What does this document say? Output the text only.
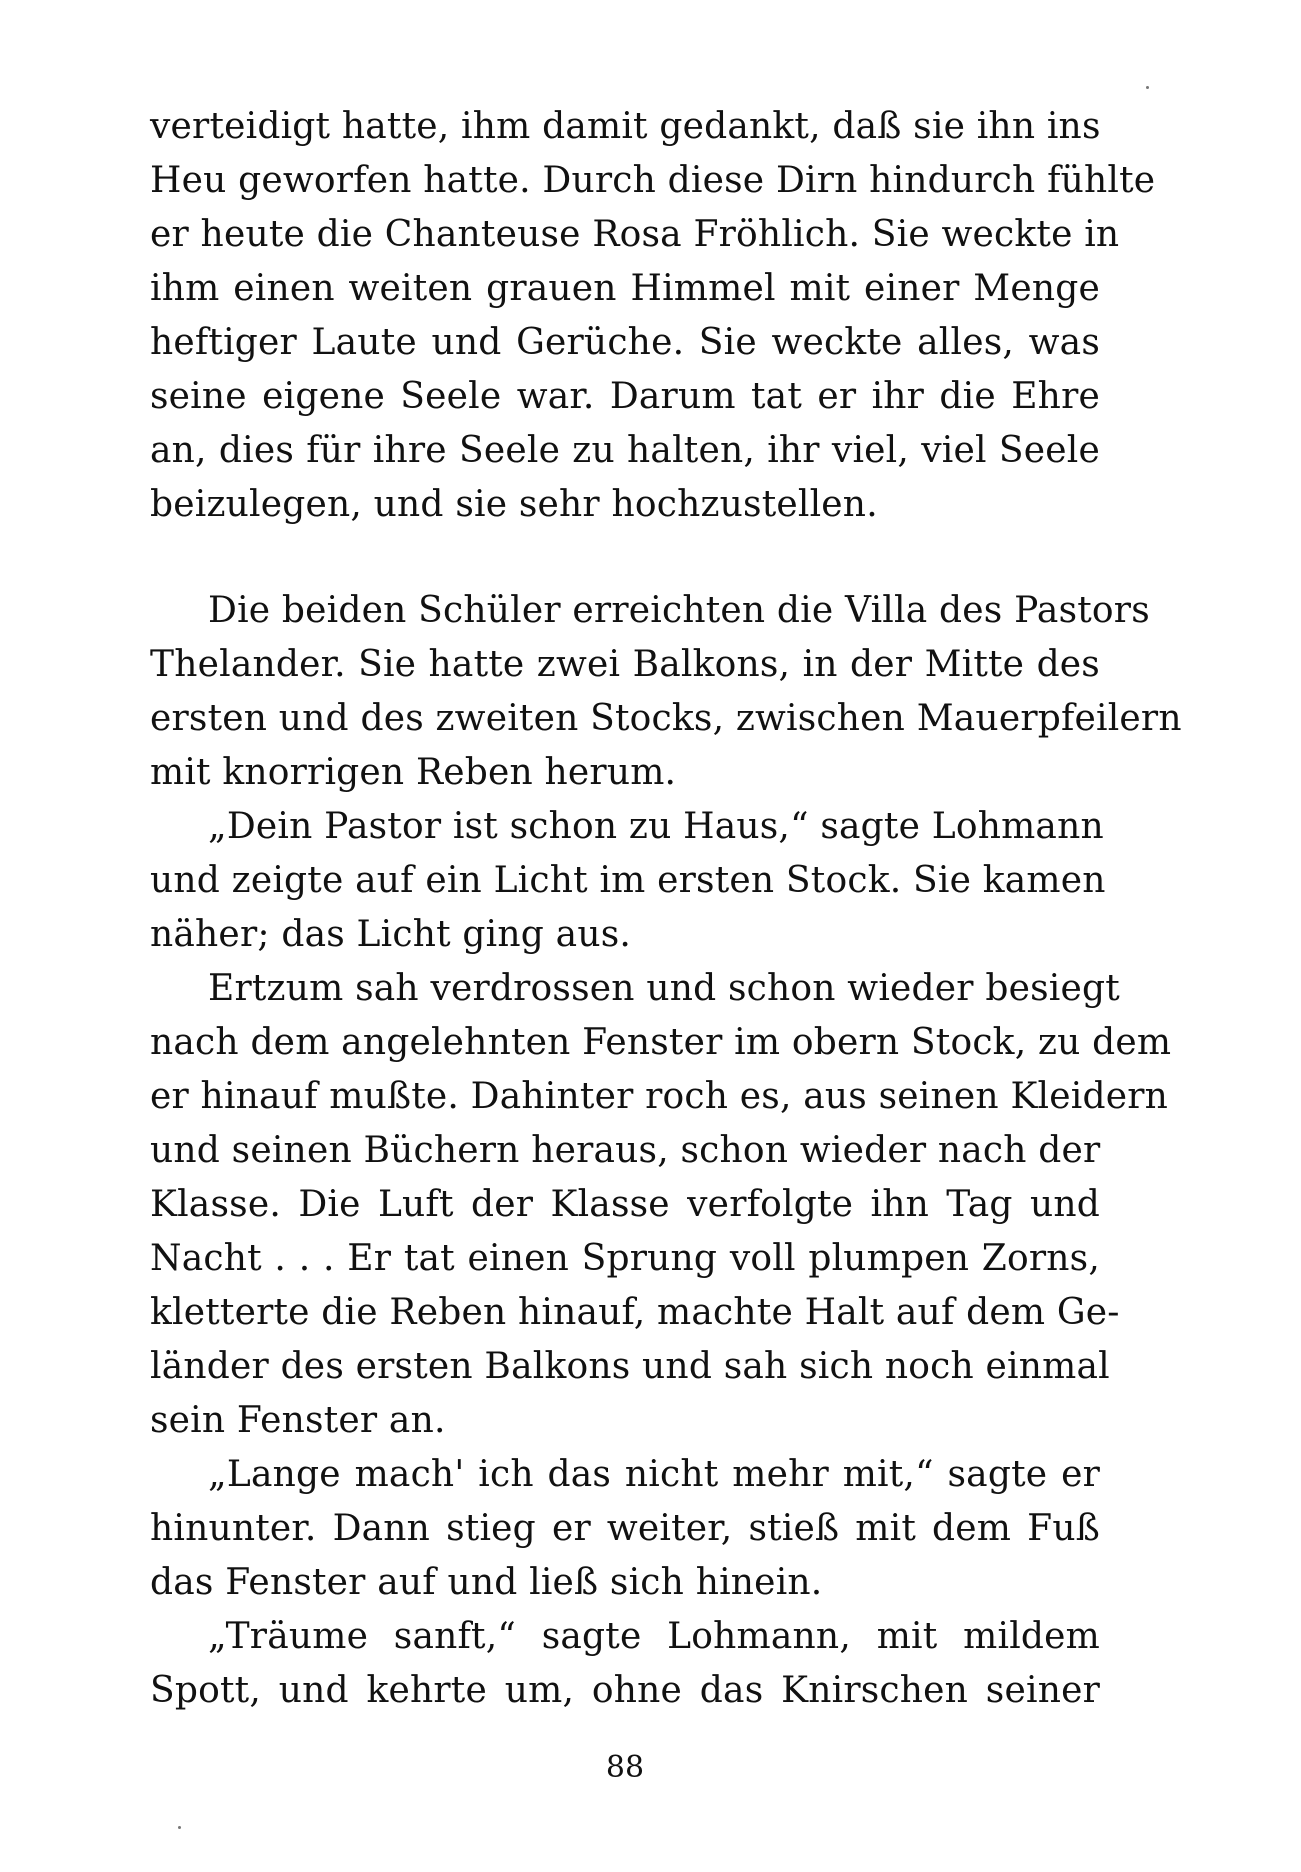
verteidigt hatte, ihm damit gedankt, daß sie ihn ins
Heu geworfen hatte. Durch diese Dirn hindurch fühlte
er heute die Chanteuse Rosa Fröhlich. Sie weckte in
ihm einen weiten grauen Himmel mit einer Menge
heftiger Laute und Gerüche. Sie weckte alles, was
seine eigene Seele war. Darum tat er ihr die Ehre
an, dies für ihre Seele zu halten, ihr viel, viel Seele
beizulegen, und sie sehr hochzustellen.
Die beiden Schüler erreichten die Villa des Pastors
Thelander. Sie hatte zwei Balkons, in der Mitte des
ersten und des zweiten Stocks, zwischen Mauerpfeilern
mit knorrigen Reben herum.
„Dein Pastor ist schon zu Haus,“ sagte Lohmann
und zeigte auf ein Licht im ersten Stock. Sie kamen
näher; das Licht ging aus.
Ertzum sah verdrossen und schon wieder besiegt
nach dem angelehnten Fenster im obern Stock, zu dem
er hinauf mußte. Dahinter roch es, aus seinen Kleidern
und seinen Büchern heraus, schon wieder nach der
Klasse. Die Luft der Klasse verfolgte ihn Tag und
Nacht . . . Er tat einen Sprung voll plumpen Zorns,
kletterte die Reben hinauf, machte Halt auf dem Ge-
länder des ersten Balkons und sah sich noch einmal
sein Fenster an.
„Lange mach' ich das nicht mehr mit,“ sagte er
hinunter. Dann stieg er weiter, stieß mit dem Fuß
das Fenster auf und ließ sich hinein.
„Träume sanft,“ sagte Lohmann, mit mildem
Spott, und kehrte um, ohne das Knirschen seiner
88
